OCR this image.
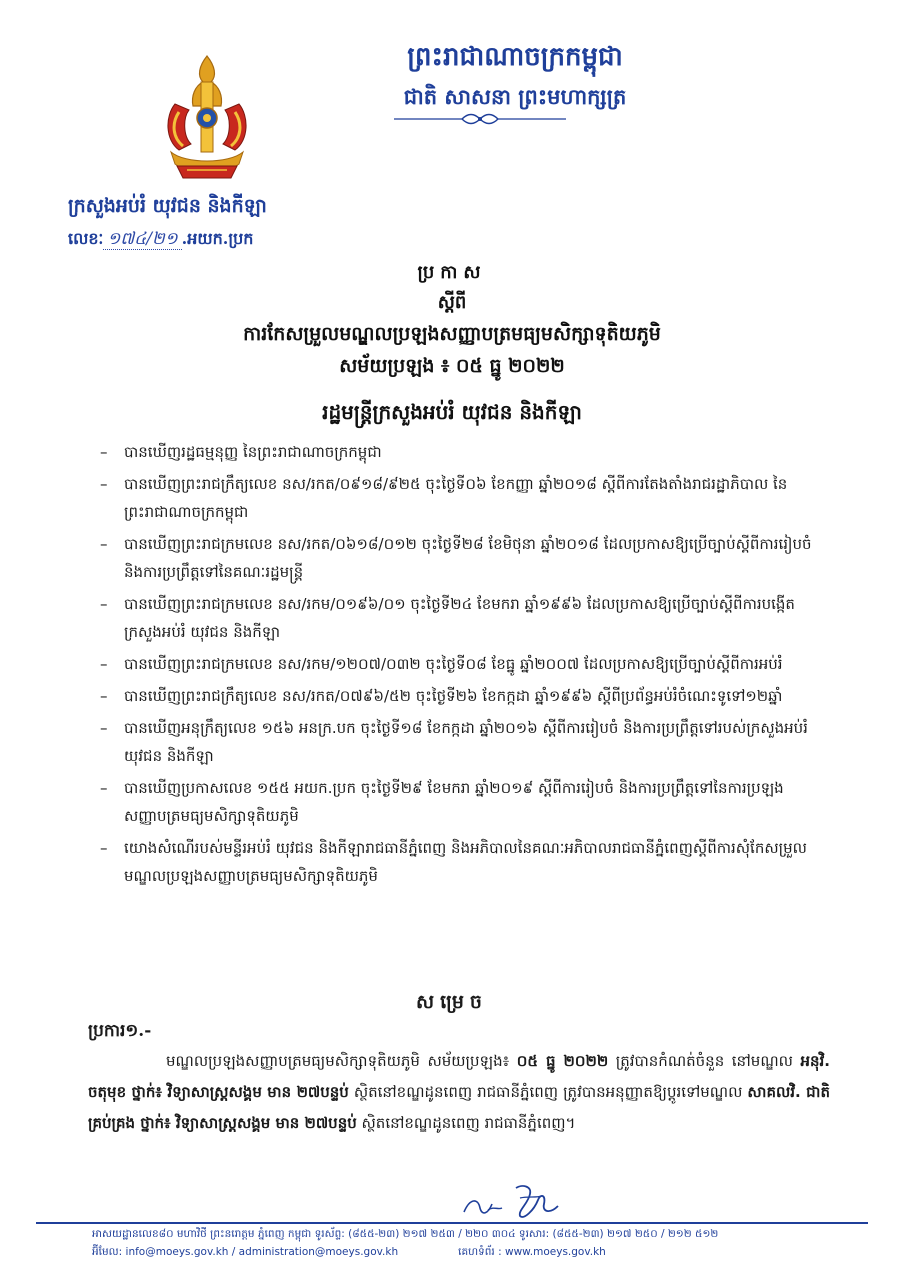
ព្រះរាជាណាចក្រកម្ពុជា
ជាតិ សាសនា ព្រះមហាក្សត្រ
ក្រសួងអប់រំ យុវជន និងកីឡា
លេខៈ ១៧៤/២១ .អយក.ប្រក
ប្រកាស
ស្ដីពី
ការកែសម្រួលមណ្ឌលប្រឡងសញ្ញាបត្រមធ្យមសិក្សាទុតិយភូមិ
សម័យប្រឡង ៖ ០៥ ធ្នូ ២០២២
រដ្ឋមន្ត្រីក្រសួងអប់រំ យុវជន និងកីឡា
– បានឃើញរដ្ឋធម្មនុញ្ញ នៃព្រះរាជាណាចក្រកម្ពុជា
– បានឃើញព្រះរាជក្រឹត្យលេខ នស/រកត/០៩១៨/៩២៥ ចុះថ្ងៃទី០៦ ខែកញ្ញា ឆ្នាំ២០១៨ ស្ដីពីការតែងតាំងរាជរដ្ឋាភិបាល នៃព្រះរាជាណាចក្រកម្ពុជា
– បានឃើញព្រះរាជក្រមលេខ នស/រកត/០៦១៨/០១២ ចុះថ្ងៃទី២៨ ខែមិថុនា ឆ្នាំ២០១៨ ដែលប្រកាសឱ្យប្រើច្បាប់ស្ដីពីការរៀបចំ និងការប្រព្រឹត្តទៅនៃគណៈរដ្ឋមន្ត្រី
– បានឃើញព្រះរាជក្រមលេខ នស/រកម/០១៩៦/០១ ចុះថ្ងៃទី២៤ ខែមករា ឆ្នាំ១៩៩៦ ដែលប្រកាសឱ្យប្រើច្បាប់ស្ដីពីការបង្កើតក្រសួងអប់រំ យុវជន និងកីឡា
– បានឃើញព្រះរាជក្រមលេខ នស/រកម/១២០៧/០៣២ ចុះថ្ងៃទី០៨ ខែធ្នូ ឆ្នាំ២០០៧ ដែលប្រកាសឱ្យប្រើច្បាប់ស្ដីពីការអប់រំ
– បានឃើញព្រះរាជក្រឹត្យលេខ នស/រកត/០៧៩៦/៥២ ចុះថ្ងៃទី២៦ ខែកក្កដា ឆ្នាំ១៩៩៦ ស្ដីពីប្រព័ន្ធអប់រំចំណេះទូទៅ១២ឆ្នាំ
– បានឃើញអនុក្រឹត្យលេខ ១៥៦ អនក្រ.បក ចុះថ្ងៃទី១៨ ខែកក្កដា ឆ្នាំ២០១៦ ស្ដីពីការរៀបចំ និងការប្រព្រឹត្តទៅរបស់ក្រសួងអប់រំ យុវជន និងកីឡា
– បានឃើញប្រកាសលេខ ១៥៥ អយក.ប្រក ចុះថ្ងៃទី២៩ ខែមករា ឆ្នាំ២០១៩ ស្ដីពីការរៀបចំ និងការប្រព្រឹត្តទៅនៃការប្រឡងសញ្ញាបត្រមធ្យមសិក្សាទុតិយភូមិ
– យោងសំណើរបស់មន្ទីរអប់រំ យុវជន និងកីឡារាជធានីភ្នំពេញ និងអភិបាលនៃគណៈអភិបាលរាជធានីភ្នំពេញស្ដីពីការសុំកែសម្រួលមណ្ឌលប្រឡងសញ្ញាបត្រមធ្យមសិក្សាទុតិយភូមិ
សម្រេច
ប្រការ១.-
មណ្ឌលប្រឡងសញ្ញាបត្រមធ្យមសិក្សាទុតិយភូមិ សម័យប្រឡង៖ ០៥ ធ្នូ ២០២២ ត្រូវបានកំណត់ចំនួន នៅមណ្ឌល អនុវិ. ចតុមុខ ថ្នាក់៖ វិទ្យាសាស្ត្រសង្គម មាន ២៧បន្ទប់ ស្ថិតនៅខណ្ឌដូនពេញ រាជធានីភ្នំពេញ ត្រូវបានអនុញ្ញាតឱ្យប្ដូរទៅមណ្ឌល សាគលវិ. ជាតិគ្រប់គ្រង ថ្នាក់៖ វិទ្យាសាស្ត្រសង្គម មាន ២៧បន្ទប់ ស្ថិតនៅខណ្ឌដូនពេញ រាជធានីភ្នំពេញ។
អាសយដ្ឋានលេខ៨០ មហាវិថី ព្រះនរោត្តម ភ្នំពេញ កម្ពុជា ទូរស័ព្ទ: (៨៥៥-២៣) ២១៧ ២៥៣ / ២២០ ៣០៤ ទូរសារ: (៨៥៥-២៣) ២១៧ ២៥០ / ២១២ ៥១២
អ៊ីមែល: info@moeys.gov.kh / administration@moeys.gov.kh	គេហទំព័រ : www.moeys.gov.kh
